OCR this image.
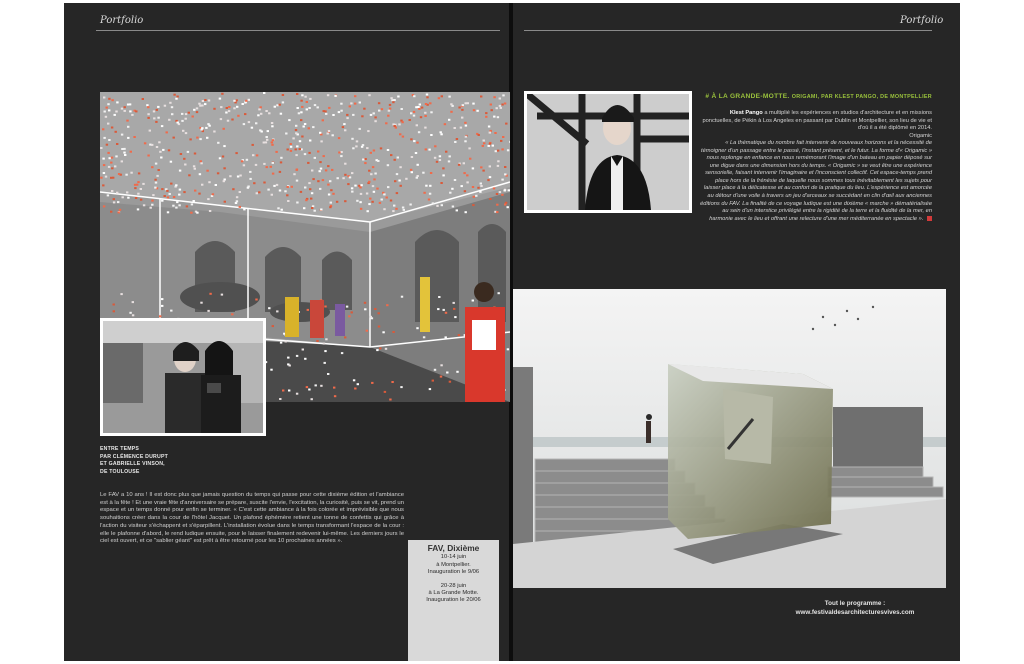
Portfolio	Portfolio
ENTRE TEMPS
PAR CLÉMENCE DURUPT
ET GABRIELLE VINSON,
DE TOULOUSE
Le FAV a 10 ans ! Il est donc plus que jamais question du temps qui passe pour cette dixième édition et l'ambiance est à la fête ! Et une vraie fête d'anniversaire se prépare, suscite l'envie, l'excitation, la curiosité, puis se vit, prend un espace et un temps donné pour enfin se terminer. « C'est cette ambiance à la fois colorée et imprévisible que nous souhaitions créer dans la cour de l'hôtel Jacquet. Un plafond éphémère retient une tonne de confettis qui grâce à l'action du visiteur s'échappent et s'éparpillent. L'installation évolue dans le temps transformant l'espace de la cour : elle le plafonne d'abord, le rend ludique ensuite, pour le laisser finalement redevenir lui-même. Les derniers jours le ciel est ouvert, et ce "sablier géant" est prêt à être retourné pour les 10 prochaines années ».
FAV, Dixième
10-14 juin
à Montpellier.
Inauguration le 9/06
20-28 juin
à La Grande Motte.
Inauguration le 20/06
# À LA GRANDE-MOTTE. ORIGAMI, PAR KLEST PANGO, DE MONTPELLIER
Klest Pango a multiplié les expériences en studios d'architecture et en missions ponctuelles, de Pékin à Los Angeles en passant par Dublin et Montpellier, son lieu de vie et d'où il a été diplômé en 2014.
Origamic
« La thématique du nombre fait intervenir de nouveaux horizons et la nécessité de témoigner d'un passage entre le passé, l'instant présent, et le futur. La forme d'« Origamic » nous replonge en enfance en nous remémorant l'image d'un bateau en papier déposé sur une digue dans une dimension hors du temps. « Origamic » se veut être une expérience sensorielle, faisant intervenir l'imaginaire et l'inconscient collectif. Cet espace-temps prend place hors de la frénésie de laquelle nous sommes tous inévitablement les sujets pour laisser place à la délicatesse et au confort de la pratique du lieu. L'expérience est amorcée au détour d'une voile à travers un jeu d'arceaux se succédant en clin d'œil aux anciennes éditions du FAV. La finalité de ce voyage ludique est une dixième « marche » dématérialisée au sein d'un interstice privilégié entre la rigidité de la terre et la fluidité de la mer, en harmonie avec le lieu et offrant une relecture d'une mer méditerranée en spectacle ».
Tout le programme :
www.festivaldesarchitecturesvives.com
